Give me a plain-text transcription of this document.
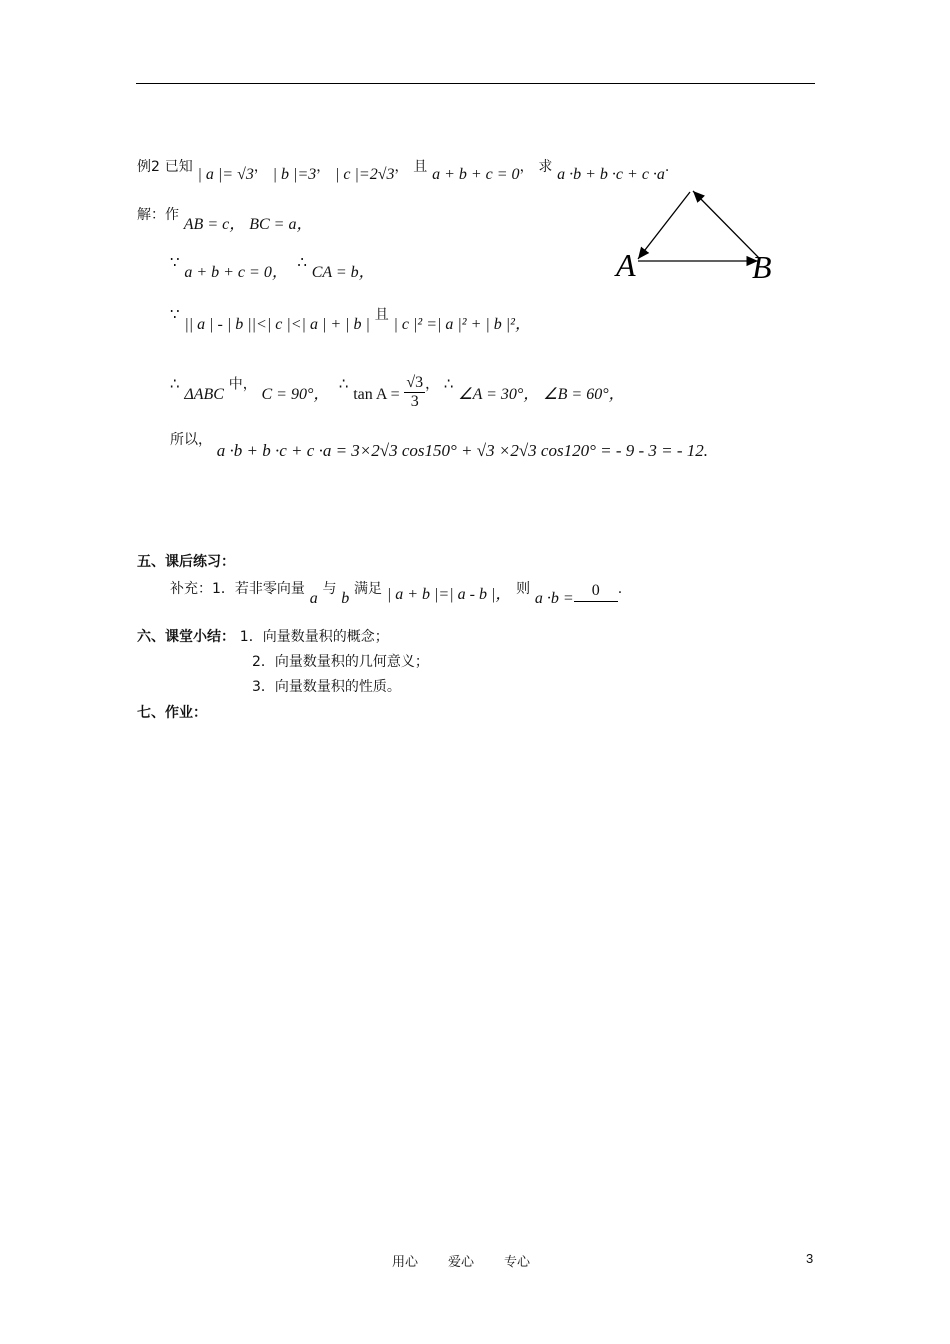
例2 已知 | a |= √3， | b |=3， | c |=2√3， 且 a + b + c = 0， 求 a ·b + b ·c + c ·a.
解：作 AB = c， BC = a，
∵ a + b + c = 0，  ∴ CA = b，
∵ || a | - | b ||<| c |<| a | + | b | 且 | c |² =| a |² + | b |²，
∴ ΔABC 中， C = 90°，  ∴ $\tan A = \frac{√3}{3}$ ， ∴ ∠A = 30°， ∠B = 60°，
所以， a ·b + b ·c + c ·a = 3×2√3 cos150° + √3 ×2√3 cos120° = - 9 - 3 = - 12.
A	B
五、课后练习：
补充：1．若非零向量 a 与 b 满足 | a + b |=| a - b |， 则 a ·b = 0 .
六、课堂小结： 1．向量数量积的概念；
2．向量数量积的几何意义；
3．向量数量积的性质。
七、作业：
用心 爱心 专心	3
